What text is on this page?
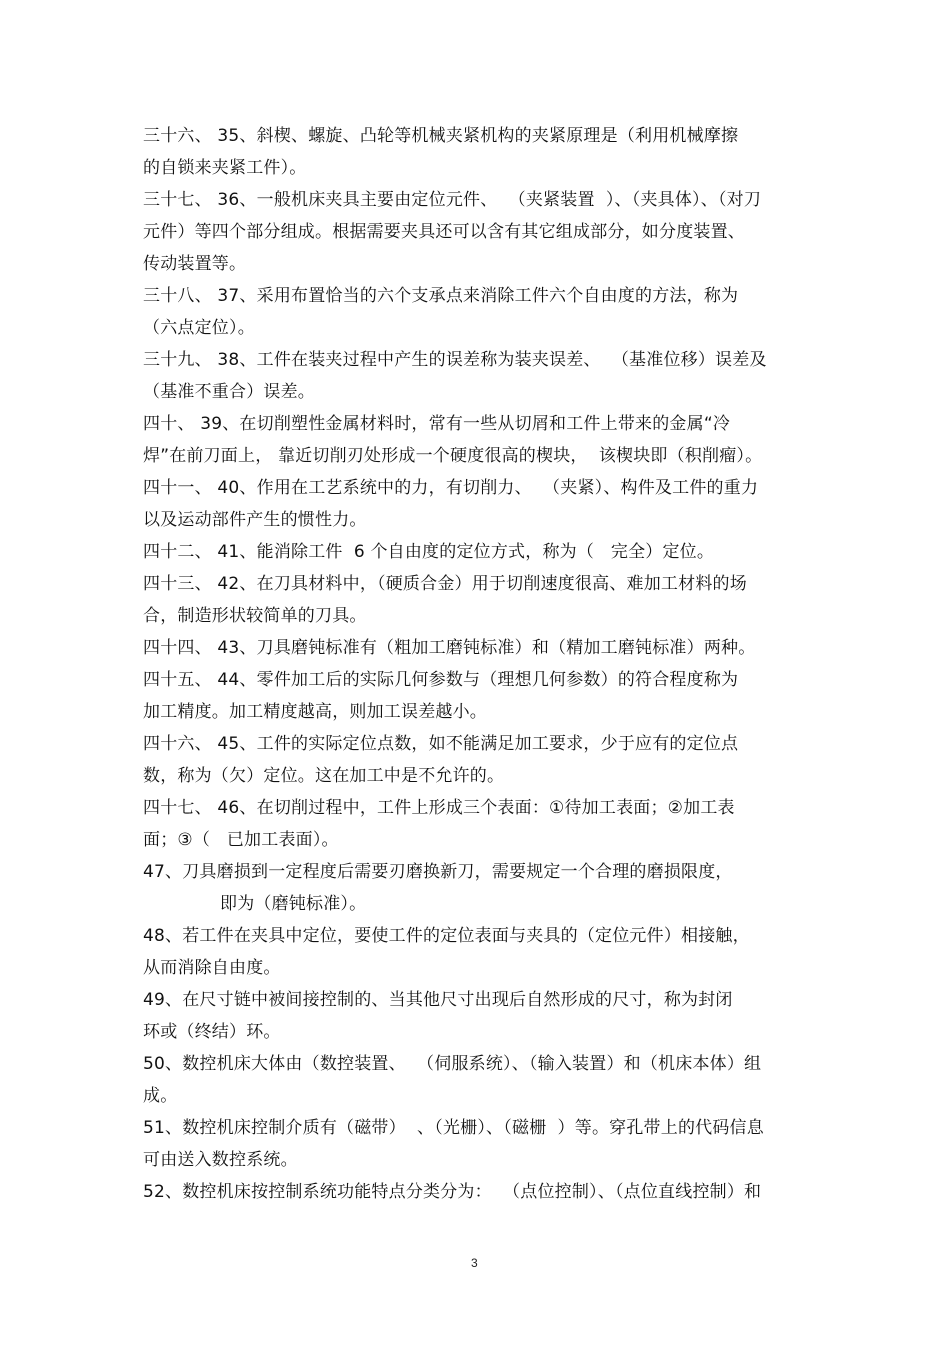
三十六、 35、斜楔、螺旋、凸轮等机械夹紧机构的夹紧原理是（利用机械摩擦
的自锁来夹紧工件）。
三十七、 36、一般机床夹具主要由定位元件、  （夹紧装置  ）、（夹具体）、（对刀
元件）等四个部分组成。根据需要夹具还可以含有其它组成部分，如分度装置、
传动装置等。
三十八、 37、采用布置恰当的六个支承点来消除工件六个自由度的方法，称为
（六点定位）。
三十九、 38、工件在装夹过程中产生的误差称为装夹误差、  （基准位移）误差及
（基准不重合）误差。
四十、 39、在切削塑性金属材料时，常有一些从切屑和工件上带来的金属“冷
焊”在前刀面上， 靠近切削刃处形成一个硬度很高的楔块，  该楔块即（积削瘤）。
四十一、 40、作用在工艺系统中的力，有切削力、  （夹紧）、构件及工件的重力
以及运动部件产生的惯性力。
四十二、 41、能消除工件  6 个自由度的定位方式，称为（   完全）定位。
四十三、 42、在刀具材料中，（硬质合金）用于切削速度很高、难加工材料的场
合，制造形状较简单的刀具。
四十四、 43、刀具磨钝标准有（粗加工磨钝标准）和（精加工磨钝标准）两种。
四十五、 44、零件加工后的实际几何参数与（理想几何参数）的符合程度称为
加工精度。加工精度越高，则加工误差越小。
四十六、 45、工件的实际定位点数，如不能满足加工要求，少于应有的定位点
数，称为（欠）定位。这在加工中是不允许的。
四十七、 46、在切削过程中，工件上形成三个表面：①待加工表面；②加工表
面；③（   已加工表面）。
47、刀具磨损到一定程度后需要刃磨换新刀，需要规定一个合理的磨损限度，
即为（磨钝标准）。
48、若工件在夹具中定位，要使工件的定位表面与夹具的（定位元件）相接触，
从而消除自由度。
49、在尺寸链中被间接控制的、当其他尺寸出现后自然形成的尺寸，称为封闭
环或（终结）环。
50、数控机床大体由（数控装置、  （伺服系统）、（输入装置）和（机床本体）组
成。
51、数控机床控制介质有（磁带）  、（光栅）、（磁栅  ）等。穿孔带上的代码信息
可由送入数控系统。
52、数控机床按控制系统功能特点分类分为：  （点位控制）、（点位直线控制）和
3
